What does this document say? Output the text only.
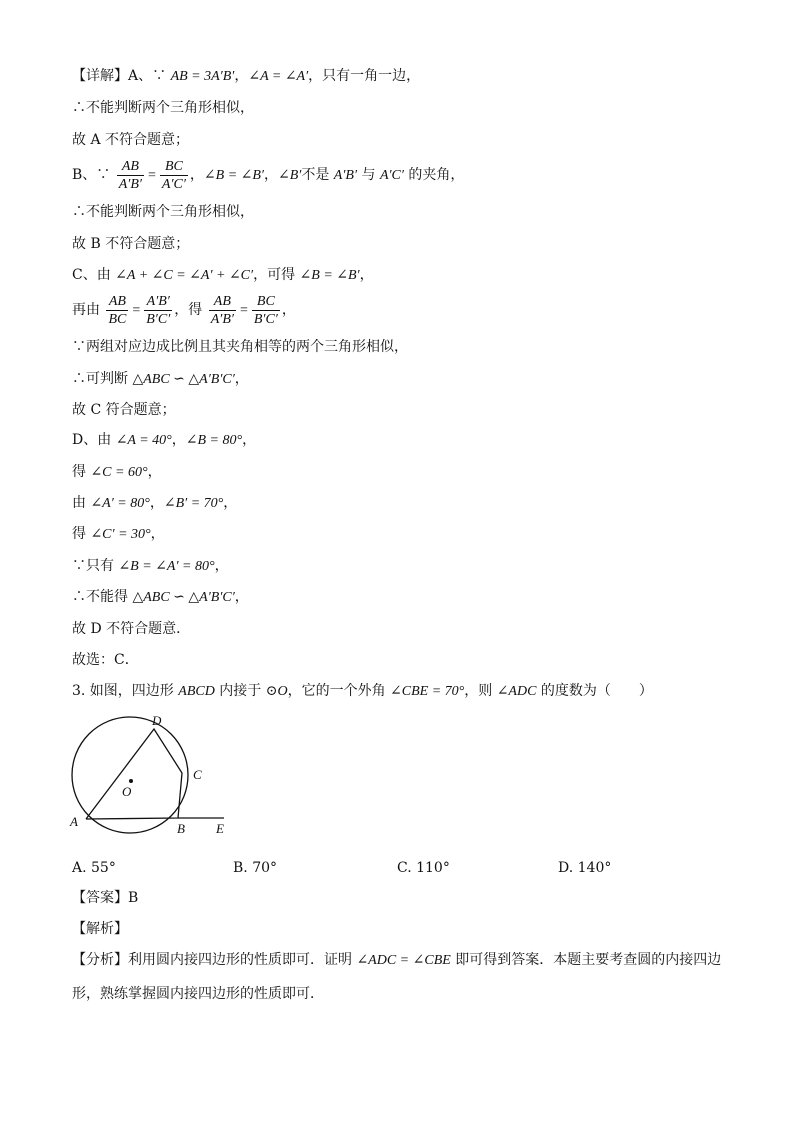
【详解】A、∵ AB = 3A′B′，∠A = ∠A′，只有一角一边，
∴不能判断两个三角形相似，
故 A 不符合题意；
B、∵ $\frac{AB}{A'B'} = \frac{BC}{A'C'}$ ，∠B = ∠B′，∠B′不是 A′B′ 与 A′C′ 的夹角，
∴不能判断两个三角形相似，
故 B 不符合题意；
C、由 ∠A + ∠C = ∠A′ + ∠C′，可得 ∠B = ∠B′，
再由 $\frac{AB}{BC} = \frac{A'B'}{B'C'}$ ，得 $\frac{AB}{A'B'} = \frac{BC}{B'C'}$ ，
∵两组对应边成比例且其夹角相等的两个三角形相似，
∴可判断 △ABC ∽ △A′B′C′，
故 C 符合题意；
D、由 ∠A = 40°，∠B = 80°，
得 ∠C = 60°，
由 ∠A′ = 80°，∠B′ = 70°，
得 ∠C′ = 30°，
∵只有 ∠B = ∠A′ = 80°，
∴不能得 △ABC ∽ △A′B′C′，
故 D 不符合题意．
故选：C．
3. 如图，四边形 ABCD 内接于 ⊙O，它的一个外角 ∠CBE = 70°，则 ∠ADC 的度数为（　　）
A	B
C
D
E
O
A. 55°	B. 70°	C. 110°	D. 140°
【答案】B
【解析】
【分析】利用圆内接四边形的性质即可．证明 ∠ADC = ∠CBE 即可得到答案．本题主要考查圆的内接四边
形，熟练掌握圆内接四边形的性质即可．
